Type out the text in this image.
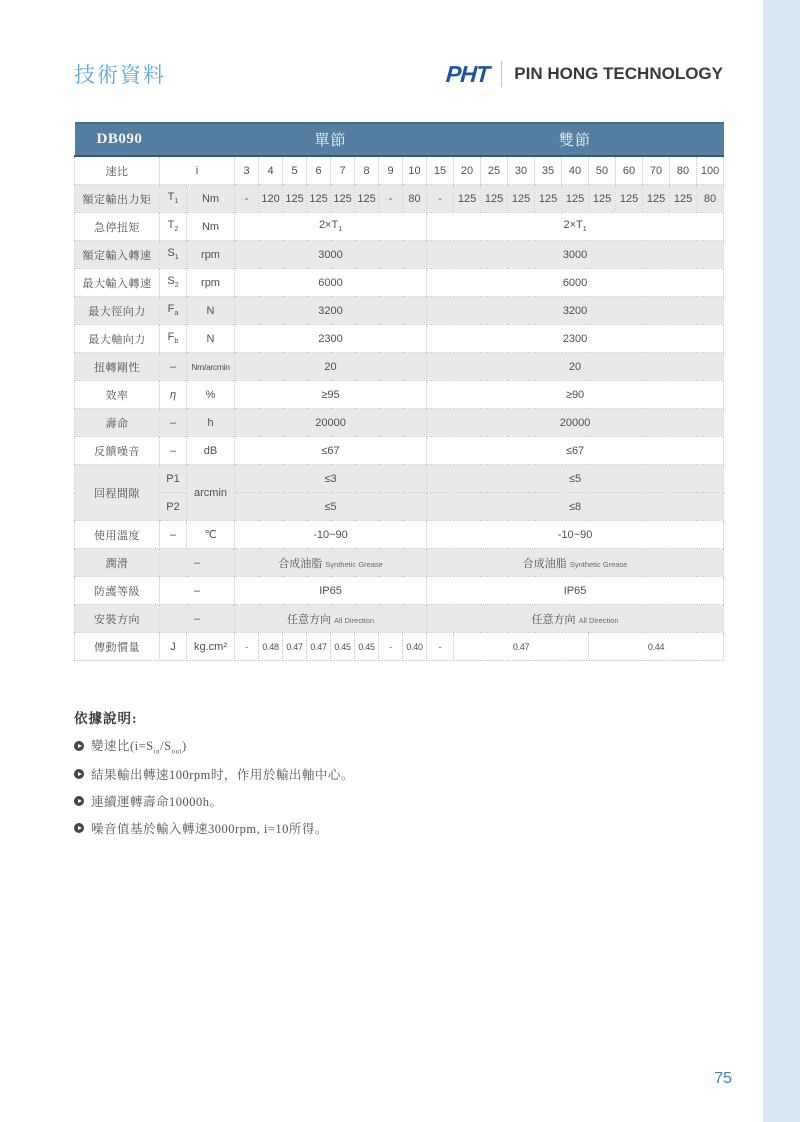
技術資料	PHT PIN HONG TECHNOLOGY
DB090			單節								雙節										
速比	i		3	4	5	6	7	8	9	10	15	20	25	30	35	40	50	60	70	80	100
額定輸出力矩	$T_1$	Nm	-	120	125	125	125	125	-	80	-	125	125	125	125	125	125	125	125	125	80
急停扭矩	$T_2$	Nm	$2\times T_1$								$2\times T_1$
額定輸入轉速	$S_1$	rpm	3000								3000										
最大輸入轉速	$S_2$	rpm	6000								6000										
最大徑向力	$F_a$	N	3200								3200										
最大軸向力	$F_b$	N	2300								2300										
扭轉剛性	–	Nm/arcmin	20								20										
效率	η	%	≥95								≥90										
壽命	–	h	20000								20000										
反饋噪音	–	dB	≤67								≤67										
回程間隙	P1	arcmin	≤3								≤5										
	P2		≤5								≤8										
使用溫度	–	℃	-10~90								-10~90										
潤滑	–		合成油脂 Synthetic Grease								合成油脂 Synthetic Grease										
防護等級	–		IP65								IP65										
安裝方向	–		任意方向 All Direction								任意方向 All Direction										
傳動慣量	J	kg.cm²	-	0.48	0.47	0.47	0.45	0.45	-	0.40	-	0.47					0.44				
依據說明:
變速比$(i=S_{in}/S_{out})$
結果輸出轉速100rpm时，作用於輸出軸中心。
連續運轉壽命10000h。
噪音值基於輸入轉速3000rpm, i=10所得。
75
